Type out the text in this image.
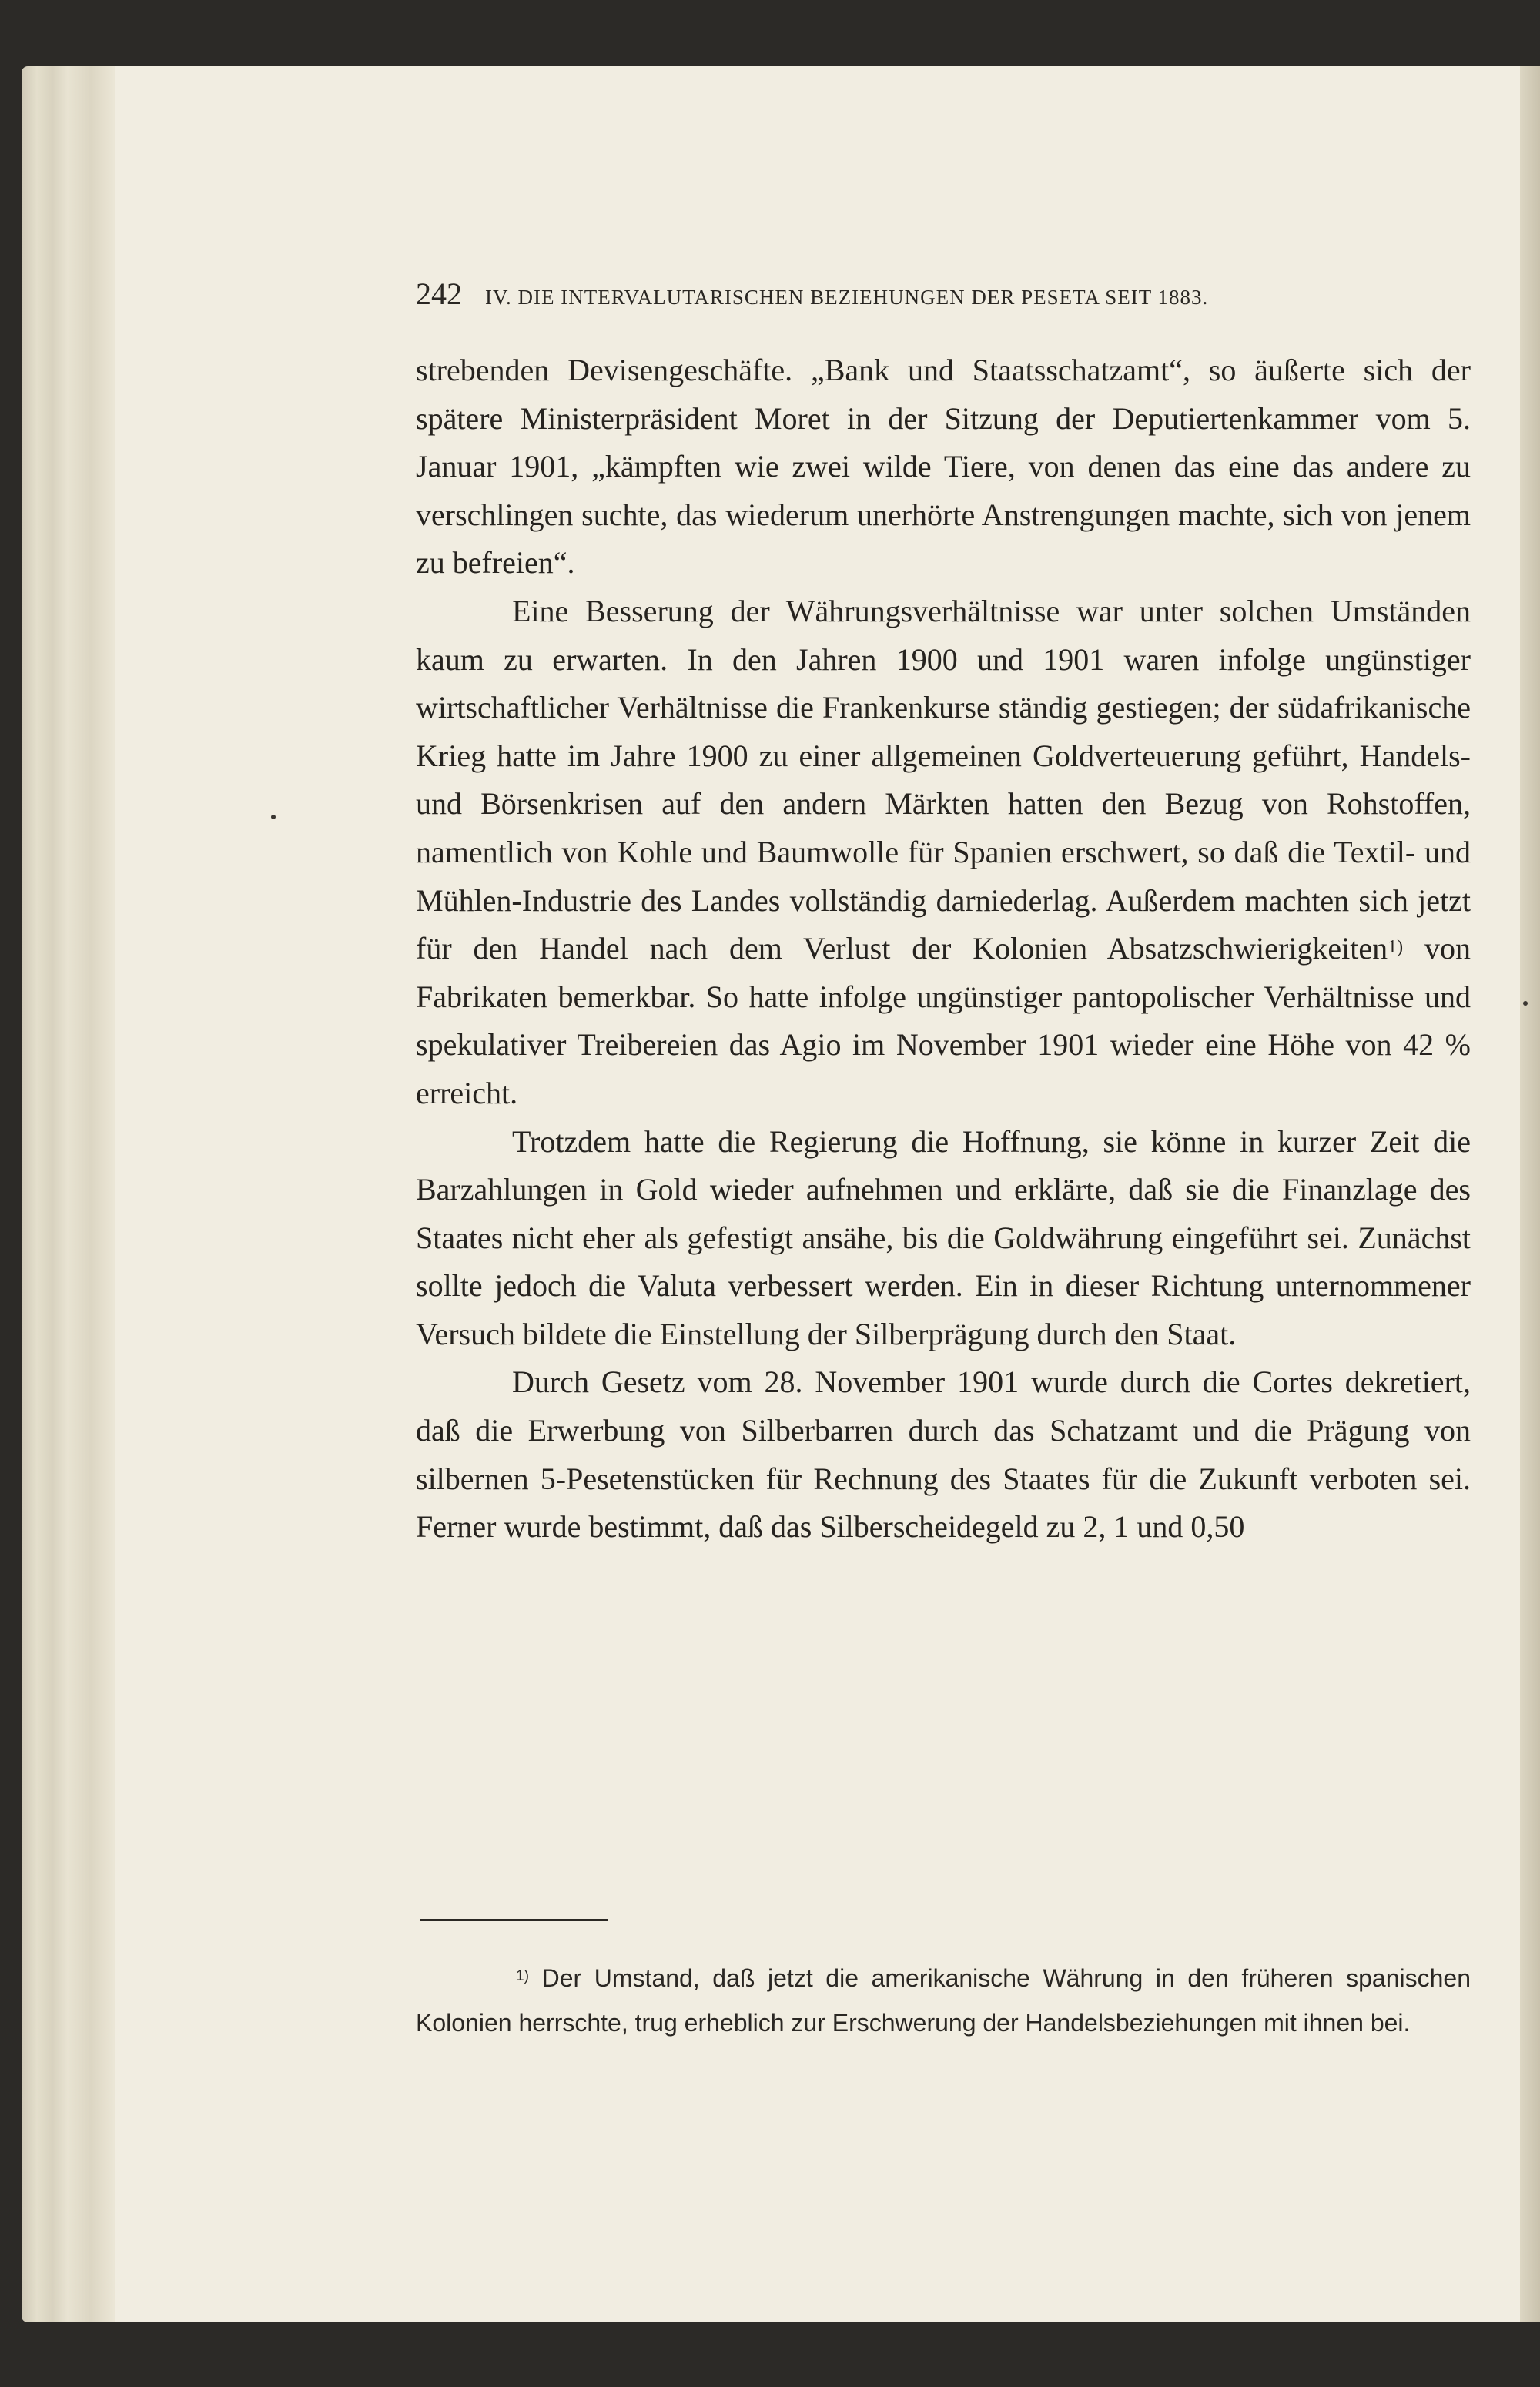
242 IV. DIE INTERVALUTARISCHEN BEZIEHUNGEN DER PESETA SEIT 1883.

strebenden Devisengeschäfte. „Bank und Staatsschatzamt“, so äußerte sich der spätere Ministerpräsident Moret in der Sitzung der Deputiertenkammer vom 5. Januar 1901, „kämpften wie zwei wilde Tiere, von denen das eine das andere zu verschlingen suchte, das wiederum unerhörte Anstrengungen machte, sich von jenem zu befreien“.

Eine Besserung der Währungsverhältnisse war unter solchen Umständen kaum zu erwarten. In den Jahren 1900 und 1901 waren infolge ungünstiger wirtschaftlicher Verhältnisse die Frankenkurse ständig gestiegen; der südafrikanische Krieg hatte im Jahre 1900 zu einer allgemeinen Goldverteuerung geführt, Handels- und Börsenkrisen auf den andern Märkten hatten den Bezug von Rohstoffen, namentlich von Kohle und Baumwolle für Spanien erschwert, so daß die Textil- und Mühlen-Industrie des Landes vollständig darniederlag. Außerdem machten sich jetzt für den Handel nach dem Verlust der Kolonien Absatzschwierigkeiten$^{1)}$ von Fabrikaten bemerkbar. So hatte infolge ungünstiger pantopolischer Verhältnisse und spekulativer Treibereien das Agio im November 1901 wieder eine Höhe von 42 % erreicht.

Trotzdem hatte die Regierung die Hoffnung, sie könne in kurzer Zeit die Barzahlungen in Gold wieder aufnehmen und erklärte, daß sie die Finanzlage des Staates nicht eher als gefestigt ansähe, bis die Goldwährung eingeführt sei. Zunächst sollte jedoch die Valuta verbessert werden. Ein in dieser Richtung unternommener Versuch bildete die Einstellung der Silberprägung durch den Staat.

Durch Gesetz vom 28. November 1901 wurde durch die Cortes dekretiert, daß die Erwerbung von Silberbarren durch das Schatzamt und die Prägung von silbernen 5-Pesetenstücken für Rechnung des Staates für die Zukunft verboten sei. Ferner wurde bestimmt, daß das Silberscheidegeld zu 2, 1 und 0,50

$^{1)}$ Der Umstand, daß jetzt die amerikanische Währung in den früheren spanischen Kolonien herrschte, trug erheblich zur Erschwerung der Handelsbeziehungen mit ihnen bei.
